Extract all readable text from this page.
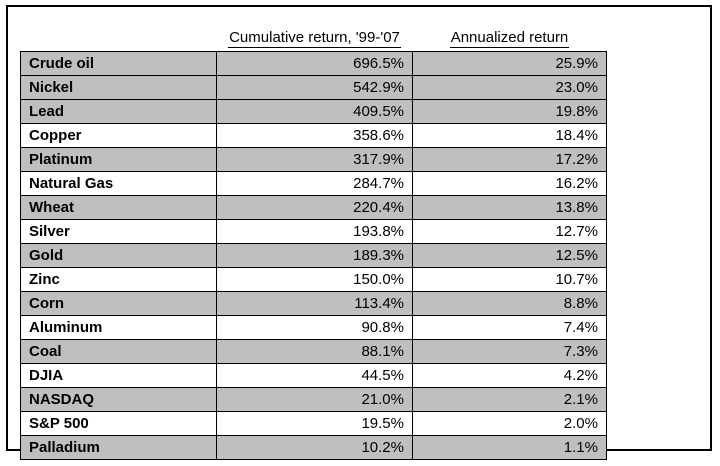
	Cumulative return, '99-'07	Annualized return
Crude oil	696.5%	25.9%
Nickel	542.9%	23.0%
Lead	409.5%	19.8%
Copper	358.6%	18.4%
Platinum	317.9%	17.2%
Natural Gas	284.7%	16.2%
Wheat	220.4%	13.8%
Silver	193.8%	12.7%
Gold	189.3%	12.5%
Zinc	150.0%	10.7%
Corn	113.4%	8.8%
Aluminum	90.8%	7.4%
Coal	88.1%	7.3%
DJIA	44.5%	4.2%
NASDAQ	21.0%	2.1%
S&P 500	19.5%	2.0%
Palladium	10.2%	1.1%
